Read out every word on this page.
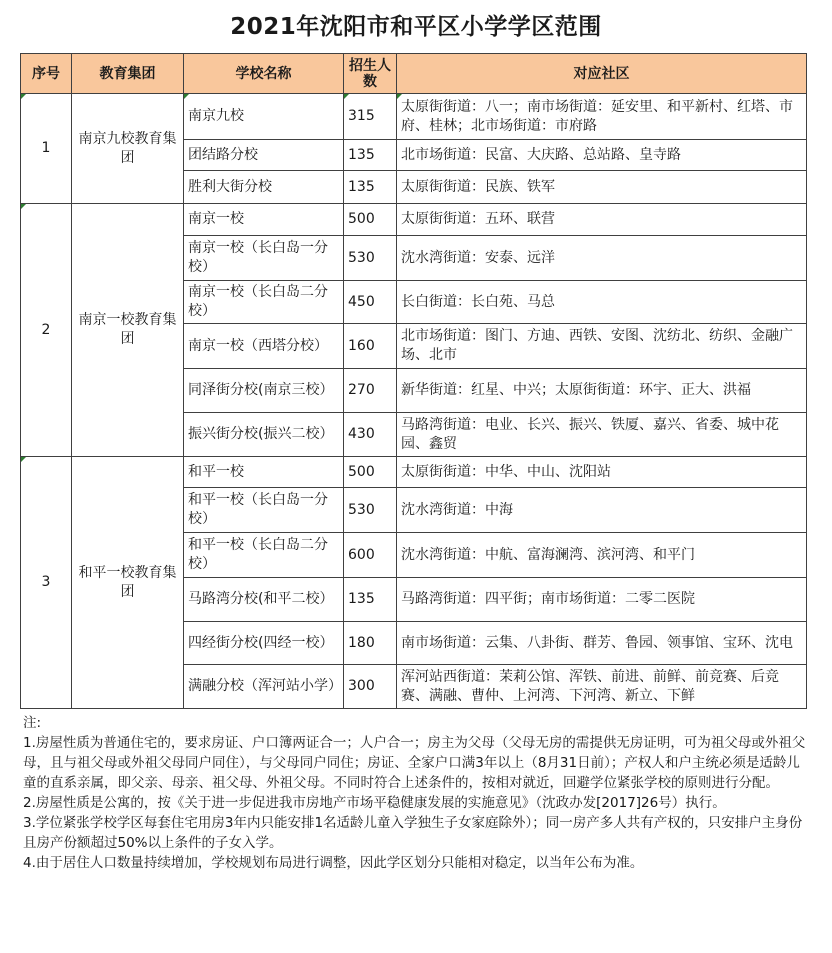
2021年沈阳市和平区小学学区范围
序号	教育集团	学校名称	招生人数	对应社区
1	南京九校教育集团	南京九校	315	太原街街道：八一；南市场街道：延安里、和平新村、红塔、市府、桂林；北市场街道：市府路
		团结路分校	135	北市场街道：民富、大庆路、总站路、皇寺路
		胜利大街分校	135	太原街街道：民族、铁军
2	南京一校教育集团	南京一校	500	太原街街道：五环、联营
		南京一校（长白岛一分校）	530	沈水湾街道：安泰、远洋
		南京一校（长白岛二分校）	450	长白街道：长白苑、马总
		南京一校（西塔分校）	160	北市场街道：图门、方迪、西铁、安图、沈纺北、纺织、金融广场、北市
		同泽街分校(南京三校）	270	新华街道：红星、中兴；太原街街道：环宇、正大、洪福
		振兴街分校(振兴二校）	430	马路湾街道：电业、长兴、振兴、铁厦、嘉兴、省委、城中花园、鑫贸
3	和平一校教育集团	和平一校	500	太原街街道：中华、中山、沈阳站
		和平一校（长白岛一分校）	530	沈水湾街道：中海
		和平一校（长白岛二分校）	600	沈水湾街道：中航、富海澜湾、滨河湾、和平门
		马路湾分校(和平二校）	135	马路湾街道：四平街；南市场街道：二零二医院
		四经街分校(四经一校）	180	南市场街道：云集、八卦街、群芳、鲁园、领事馆、宝环、沈电
		满融分校（浑河站小学）	300	浑河站西街道：茉莉公馆、浑铁、前进、前鲜、前竞赛、后竞赛、满融、曹仲、上河湾、下河湾、新立、下鲜

注:

1.房屋性质为普通住宅的，要求房证、户口簿两证合一；人户合一；房主为父母（父母无房的需提供无房证明，可为祖父母或外祖父母，且与祖父母或外祖父母同户同住），与父母同户同住；房证、全家户口满3年以上（8月31日前）；产权人和户主统必须是适龄儿童的直系亲属，即父亲、母亲、祖父母、外祖父母。不同时符合上述条件的，按相对就近，回避学位紧张学校的原则进行分配。

2.房屋性质是公寓的，按《关于进一步促进我市房地产市场平稳健康发展的实施意见》（沈政办发[2017]26号）执行。

3.学位紧张学校学区每套住宅用房3年内只能安排1名适龄儿童入学独生子女家庭除外）；同一房产多人共有产权的，只安排户主身份且房产份额超过50%以上条件的子女入学。

4.由于居住人口数量持续增加，学校规划布局进行调整，因此学区划分只能相对稳定，以当年公布为准。
